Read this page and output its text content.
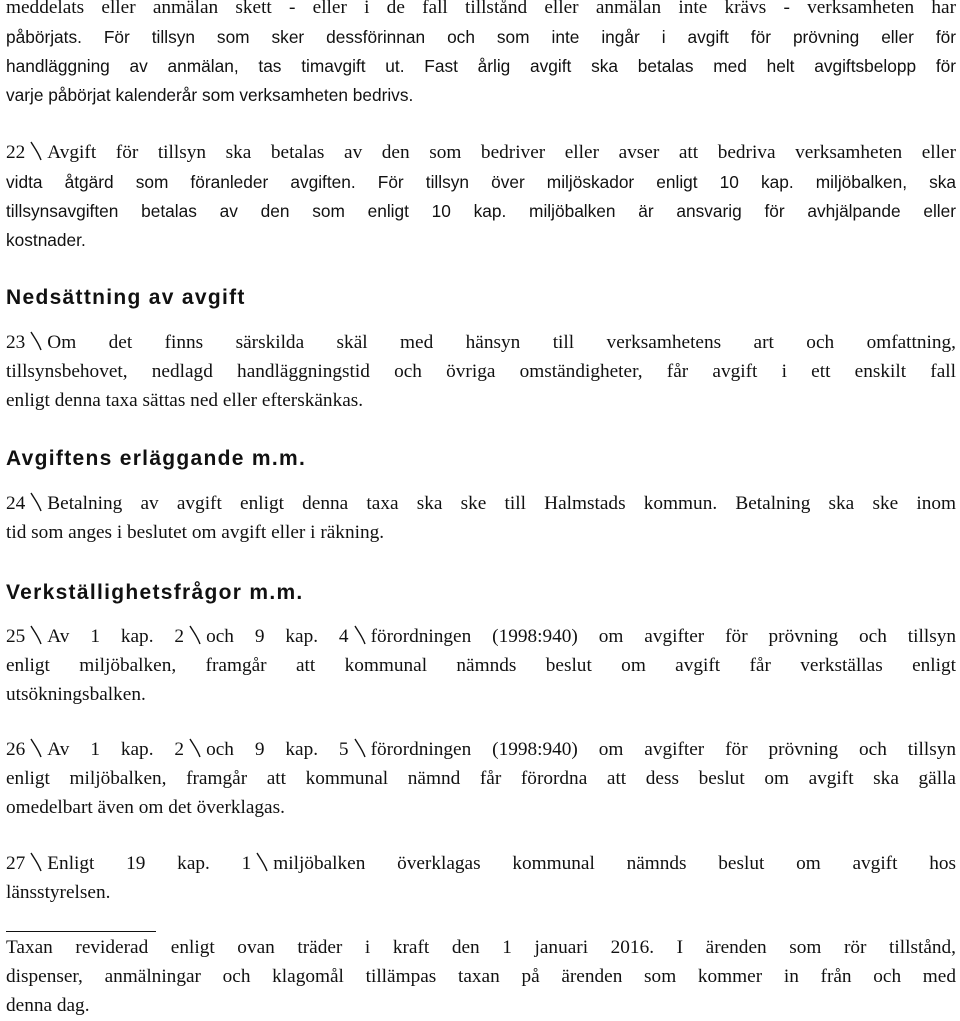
meddelats eller anmälan skett - eller i de fall tillstånd eller anmälan inte krävs - verksamheten har
påbörjats. För tillsyn som sker dessförinnan och som inte ingår i avgift för prövning eller för
handläggning av anmälan, tas timavgift ut. Fast årlig avgift ska betalas med helt avgiftsbelopp för
varje påbörjat kalenderår som verksamheten bedrivs.
22 Avgift för tillsyn ska betalas av den som bedriver eller avser att bedriva verksamheten eller
vidta åtgärd som föranleder avgiften. För tillsyn över miljöskador enligt 10 kap. miljöbalken, ska
tillsynsavgiften betalas av den som enligt 10 kap. miljöbalken är ansvarig för avhjälpande eller
kostnader.
Nedsättning av avgift
23 Om det finns särskilda skäl med hänsyn till verksamhetens art och omfattning,
tillsynsbehovet, nedlagd handläggningstid och övriga omständigheter, får avgift i ett enskilt fall
enligt denna taxa sättas ned eller efterskänkas.
Avgiftens erläggande m.m.
24 Betalning av avgift enligt denna taxa ska ske till Halmstads kommun. Betalning ska ske inom
tid som anges i beslutet om avgift eller i räkning.
Verkställighetsfrågor m.m.
25 Av 1 kap. 2 och 9 kap. 4 förordningen (1998:940) om avgifter för prövning och tillsyn
enligt miljöbalken, framgår att kommunal nämnds beslut om avgift får verkställas enligt
utsökningsbalken.
26 Av 1 kap. 2 och 9 kap. 5 förordningen (1998:940) om avgifter för prövning och tillsyn
enligt miljöbalken, framgår att kommunal nämnd får förordna att dess beslut om avgift ska gälla
omedelbart även om det överklagas.
27 Enligt 19 kap. 1 miljöbalken överklagas kommunal nämnds beslut om avgift hos
länsstyrelsen.
Taxan reviderad enligt ovan träder i kraft den 1 januari 2016. I ärenden som rör tillstånd,
dispenser, anmälningar och klagomål tillämpas taxan på ärenden som kommer in från och med
denna dag.
